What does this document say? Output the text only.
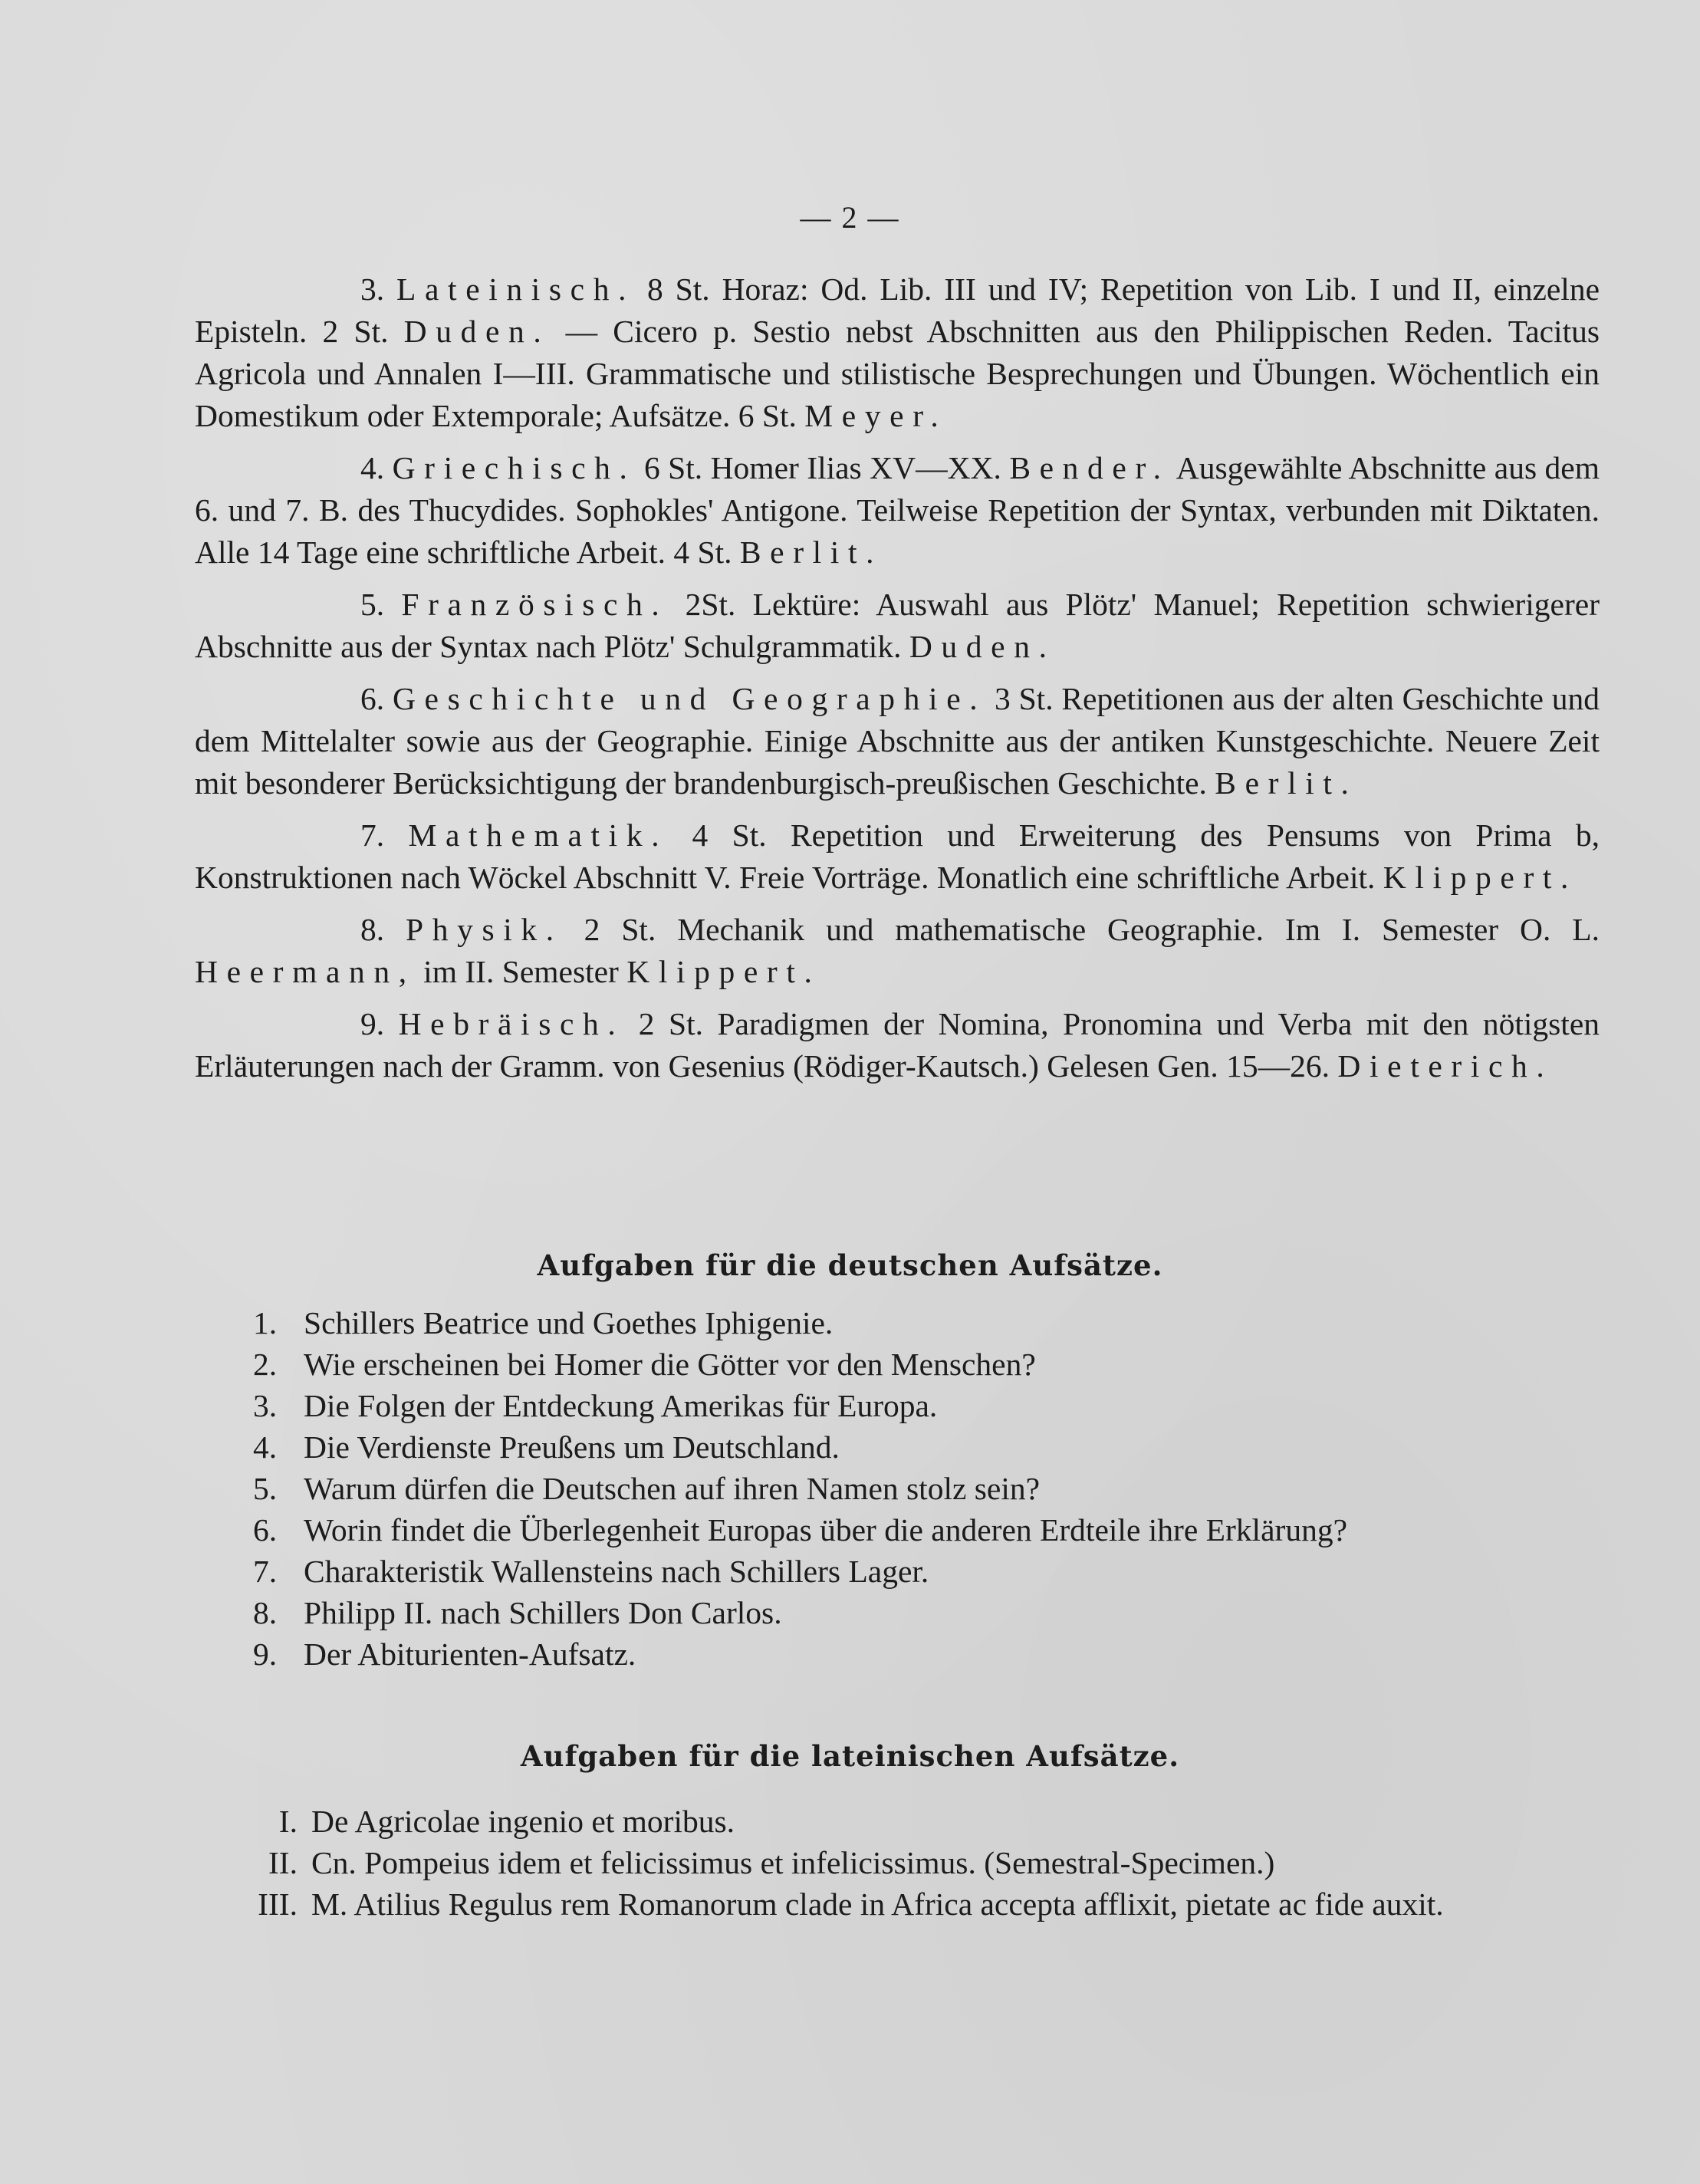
— 2 —

3. Lateinisch. 8 St. Horaz: Od. Lib. III und IV; Repetition von Lib. I und II, einzelne Episteln. 2 St. Duden. — Cicero p. Sestio nebst Abschnitten aus den Philippischen Reden. Tacitus Agricola und Annalen I—III. Grammatische und stilistische Besprechungen und Übungen. Wöchentlich ein Domestikum oder Extemporale; Aufsätze. 6 St. Meyer.

4. Griechisch. 6 St. Homer Ilias XV—XX. Bender. Ausgewählte Abschnitte aus dem 6. und 7. B. des Thucydides. Sophokles' Antigone. Teilweise Repetition der Syntax, verbunden mit Diktaten. Alle 14 Tage eine schriftliche Arbeit. 4 St. Berlit.

5. Französisch. 2St. Lektüre: Auswahl aus Plötz' Manuel; Repetition schwierigerer Abschnitte aus der Syntax nach Plötz' Schulgrammatik. Duden.

6. Geschichte und Geographie. 3 St. Repetitionen aus der alten Geschichte und dem Mittelalter sowie aus der Geographie. Einige Abschnitte aus der antiken Kunstgeschichte. Neuere Zeit mit besonderer Berücksichtigung der brandenburgisch-preußischen Geschichte. Berlit.

7. Mathematik. 4 St. Repetition und Erweiterung des Pensums von Prima b, Konstruktionen nach Wöckel Abschnitt V. Freie Vorträge. Monatlich eine schriftliche Arbeit. Klippert.

8. Physik. 2 St. Mechanik und mathematische Geographie. Im I. Semester O. L. Heermann, im II. Semester Klippert.

9. Hebräisch. 2 St. Paradigmen der Nomina, Pronomina und Verba mit den nötigsten Erläuterungen nach der Gramm. von Gesenius (Rödiger-Kautsch.) Gelesen Gen. 15—26. Dieterich.

Aufgaben für die deutschen Aufsätze.
1. Schillers Beatrice und Goethes Iphigenie.
2. Wie erscheinen bei Homer die Götter vor den Menschen?
3. Die Folgen der Entdeckung Amerikas für Europa.
4. Die Verdienste Preußens um Deutschland.
5. Warum dürfen die Deutschen auf ihren Namen stolz sein?
6. Worin findet die Überlegenheit Europas über die anderen Erdteile ihre Erklärung?
7. Charakteristik Wallensteins nach Schillers Lager.
8. Philipp II. nach Schillers Don Carlos.
9. Der Abiturienten-Aufsatz.
Aufgaben für die lateinischen Aufsätze.
I. De Agricolae ingenio et moribus.
II. Cn. Pompeius idem et felicissimus et infelicissimus. (Semestral-Specimen.)
III. M. Atilius Regulus rem Romanorum clade in Africa accepta afflixit, pietate ac fide auxit.
